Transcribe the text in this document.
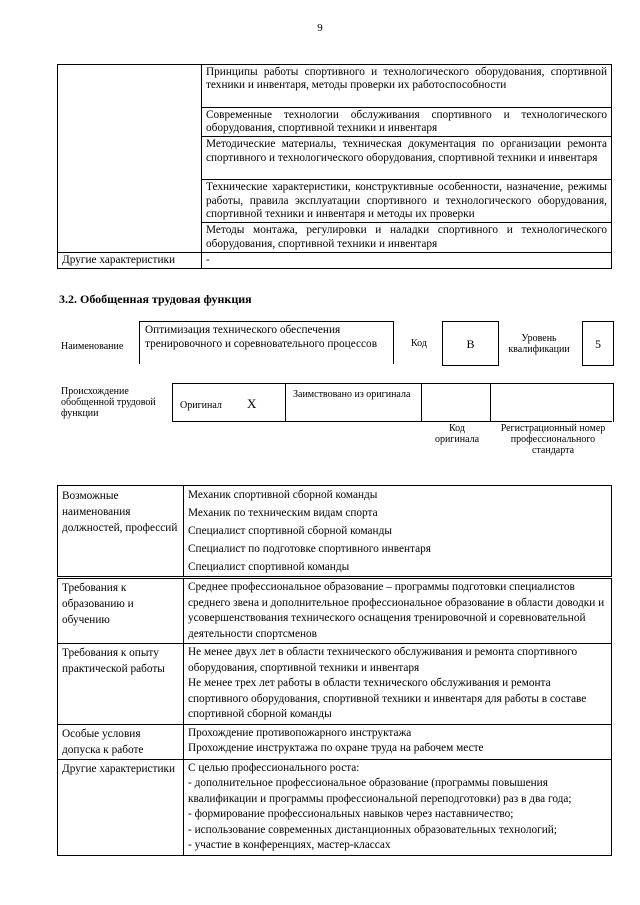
9
	Принципы работы спортивного и технологического оборудования, спортивной техники и инвентаря, методы проверки их работоспособности
	Современные технологии обслуживания спортивного и технологического оборудования, спортивной техники и инвентаря
	Методические материалы, техническая документация по организации ремонта спортивного и технологического оборудования, спортивной техники и инвентаря
	Технические характеристики, конструктивные особенности, назначение, режимы работы, правила эксплуатации спортивного и технологического оборудования, спортивной техники и инвентаря и методы их проверки
	Методы монтажа, регулировки и наладки спортивного и технологического оборудования, спортивной техники и инвентаря
Другие характеристики	-
3.2. Обобщенная трудовая функция
Наименование
Оптимизация технического обеспечения тренировочного и соревновательного процессов	Код	B	Уровень квалификации	5
Происхождение обобщенной трудовой функции
Оригинал X
Заимствовано из оригинала
Код оригинала
Регистрационный номер профессионального стандарта
Возможные наименования должностей, профессий	Механик спортивной сборной команды
Механик по техническим видам спорта
Специалист спортивной сборной команды
Специалист по подготовке спортивного инвентаря
Специалист спортивной команды
Требования к образованию и обучению	Среднее профессиональное образование – программы подготовки специалистов среднего звена и дополнительное профессиональное образование в области доводки и усовершенствования технического оснащения тренировочной и соревновательной деятельности спортсменов

Требования к опыту практической работы	Не менее двух лет в области технического обслуживания и ремонта спортивного оборудования, спортивной техники и инвентаря
Не менее трех лет работы в области технического обслуживания и ремонта спортивного оборудования, спортивной техники и инвентаря для работы в составе спортивной сборной команды

Особые условия допуска к работе	Прохождение противопожарного инструктажа
Прохождение инструктажа по охране труда на рабочем месте

Другие характеристики	С целью профессионального роста:
- дополнительное профессиональное образование (программы повышения квалификации и программы профессиональной переподготовки) раз в два года;
- формирование профессиональных навыков через наставничество;
- использование современных дистанционных образовательных технологий;
- участие в конференциях, мастер-классах
